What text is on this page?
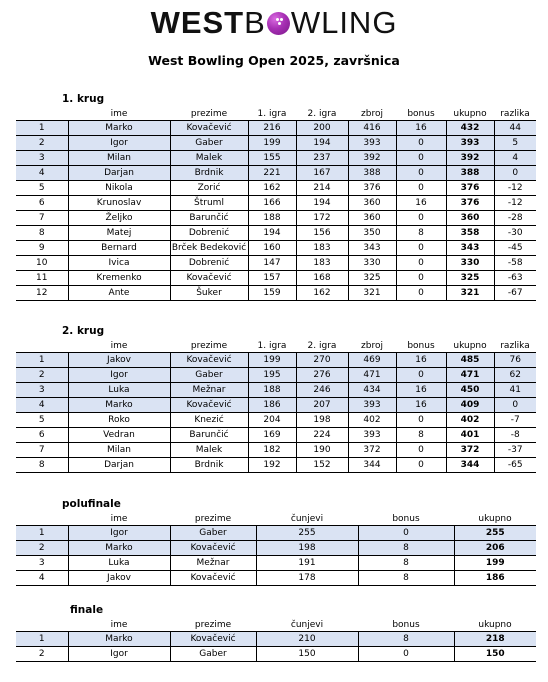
WESTB WLING
West Bowling Open 2025, završnica
1. krug
	ime	prezime	1. igra	2. igra	zbroj	bonus	ukupno	razlika
1	Marko	Kovačević	216	200	416	16	432	44
2	Igor	Gaber	199	194	393	0	393	5
3	Milan	Malek	155	237	392	0	392	4
4	Darjan	Brdnik	221	167	388	0	388	0
5	Nikola	Zorić	162	214	376	0	376	-12
6	Krunoslav	Štruml	166	194	360	16	376	-12
7	Željko	Barunčić	188	172	360	0	360	-28
8	Matej	Dobrenić	194	156	350	8	358	-30
9	Bernard	Brček Bedeković	160	183	343	0	343	-45
10	Ivica	Dobrenić	147	183	330	0	330	-58
11	Kremenko	Kovačević	157	168	325	0	325	-63
12	Ante	Šuker	159	162	321	0	321	-67
2. krug
	ime	prezime	1. igra	2. igra	zbroj	bonus	ukupno	razlika
1	Jakov	Kovačević	199	270	469	16	485	76
2	Igor	Gaber	195	276	471	0	471	62
3	Luka	Mežnar	188	246	434	16	450	41
4	Marko	Kovačević	186	207	393	16	409	0
5	Roko	Knezić	204	198	402	0	402	-7
6	Vedran	Barunčić	169	224	393	8	401	-8
7	Milan	Malek	182	190	372	0	372	-37
8	Darjan	Brdnik	192	152	344	0	344	-65
polufinale
	ime	prezime	čunjevi	bonus	ukupno
1	Igor	Gaber	255	0	255
2	Marko	Kovačević	198	8	206
3	Luka	Mežnar	191	8	199
4	Jakov	Kovačević	178	8	186
finale
	ime	prezime	čunjevi	bonus	ukupno
1	Marko	Kovačević	210	8	218
2	Igor	Gaber	150	0	150
